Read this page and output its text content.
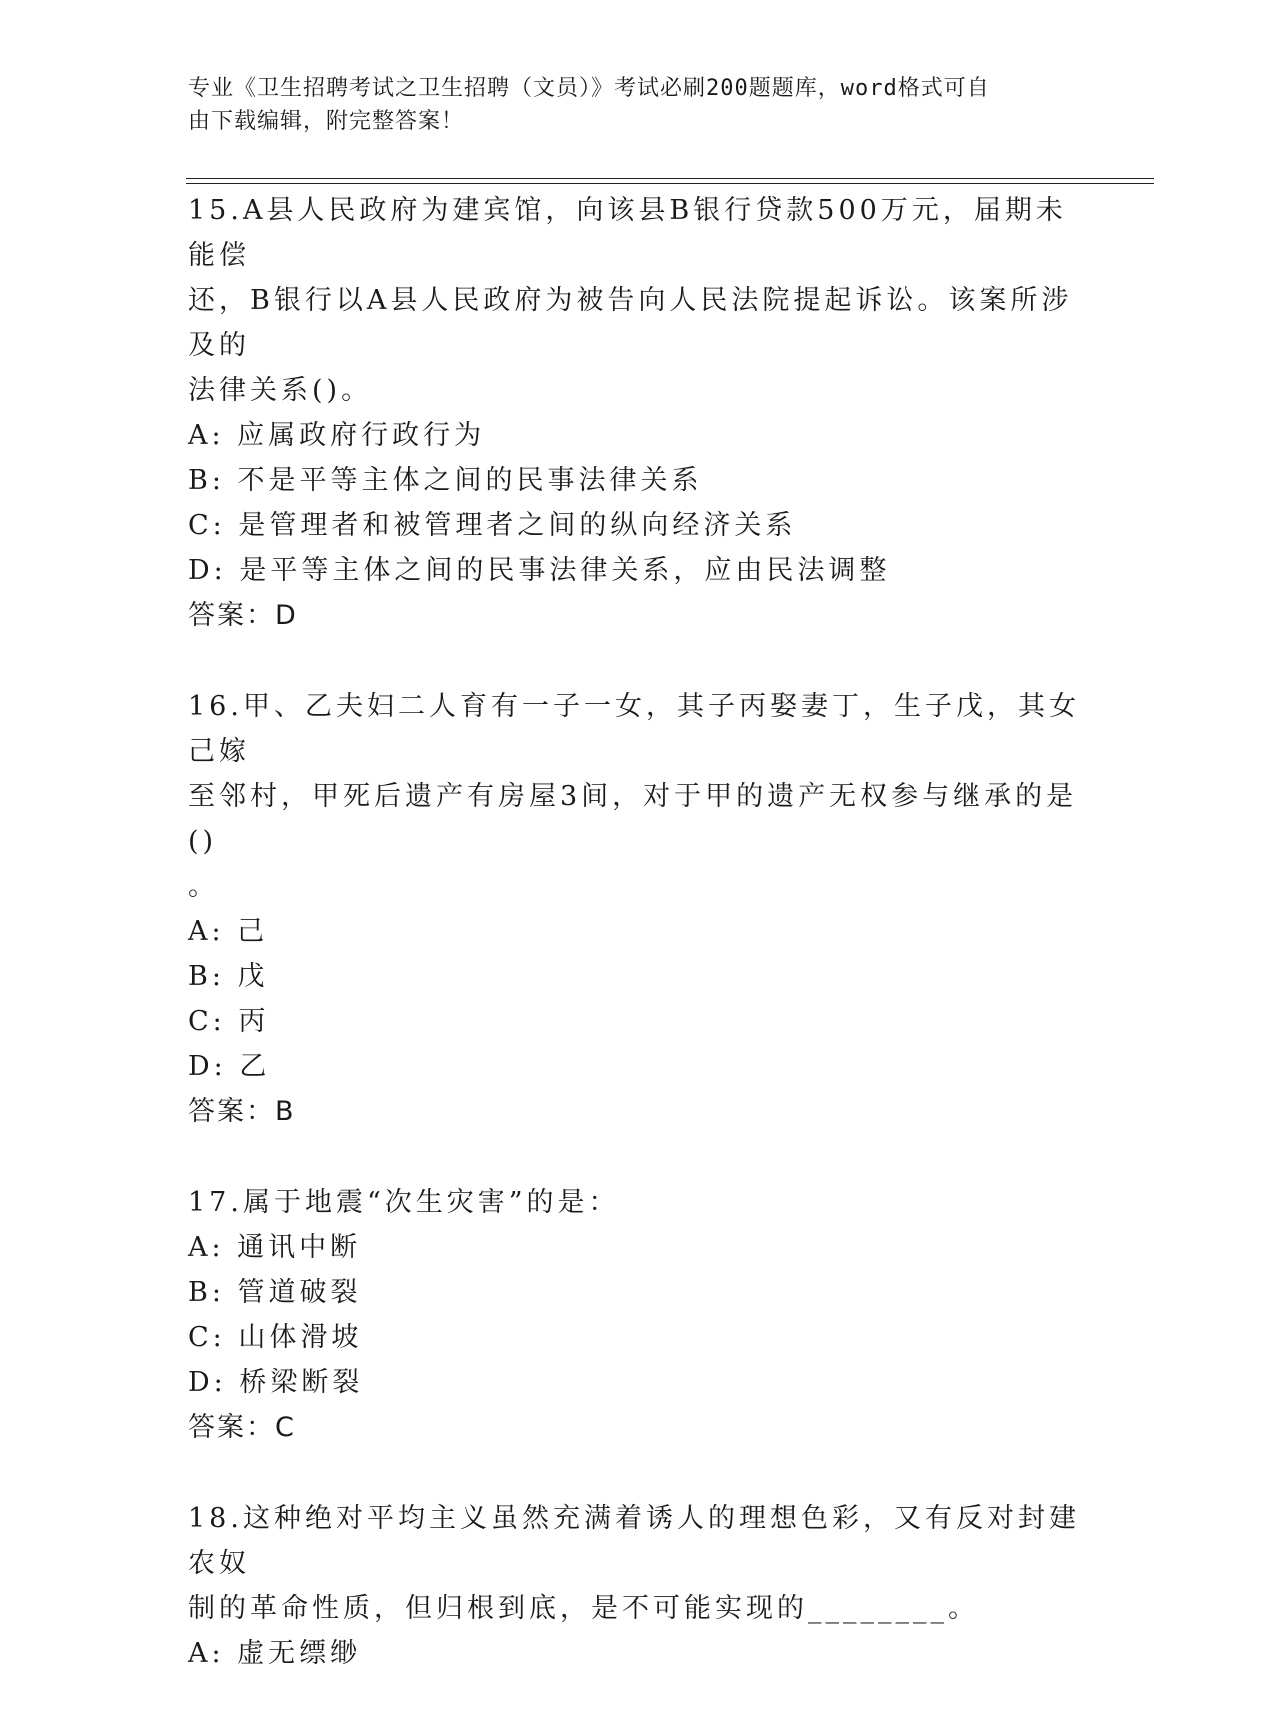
专业《卫生招聘考试之卫生招聘（文员）》考试必刷200题题库，word格式可自
由下载编辑，附完整答案！
15.A县人民政府为建宾馆，向该县B银行贷款500万元，届期未能偿
还，B银行以A县人民政府为被告向人民法院提起诉讼。该案所涉及的
法律关系()。
A: 应属政府行政行为
B: 不是平等主体之间的民事法律关系
C: 是管理者和被管理者之间的纵向经济关系
D: 是平等主体之间的民事法律关系，应由民法调整
答案：D
16.甲、乙夫妇二人育有一子一女，其子丙娶妻丁，生子戊，其女己嫁
至邻村，甲死后遗产有房屋3间，对于甲的遗产无权参与继承的是()
。
A: 己
B: 戊
C: 丙
D: 乙
答案：B
17.属于地震“次生灾害”的是：
A: 通讯中断
B: 管道破裂
C: 山体滑坡
D: 桥梁断裂
答案：C
18.这种绝对平均主义虽然充满着诱人的理想色彩，又有反对封建农奴
制的革命性质，但归根到底，是不可能实现的________。
A: 虚无缥缈
